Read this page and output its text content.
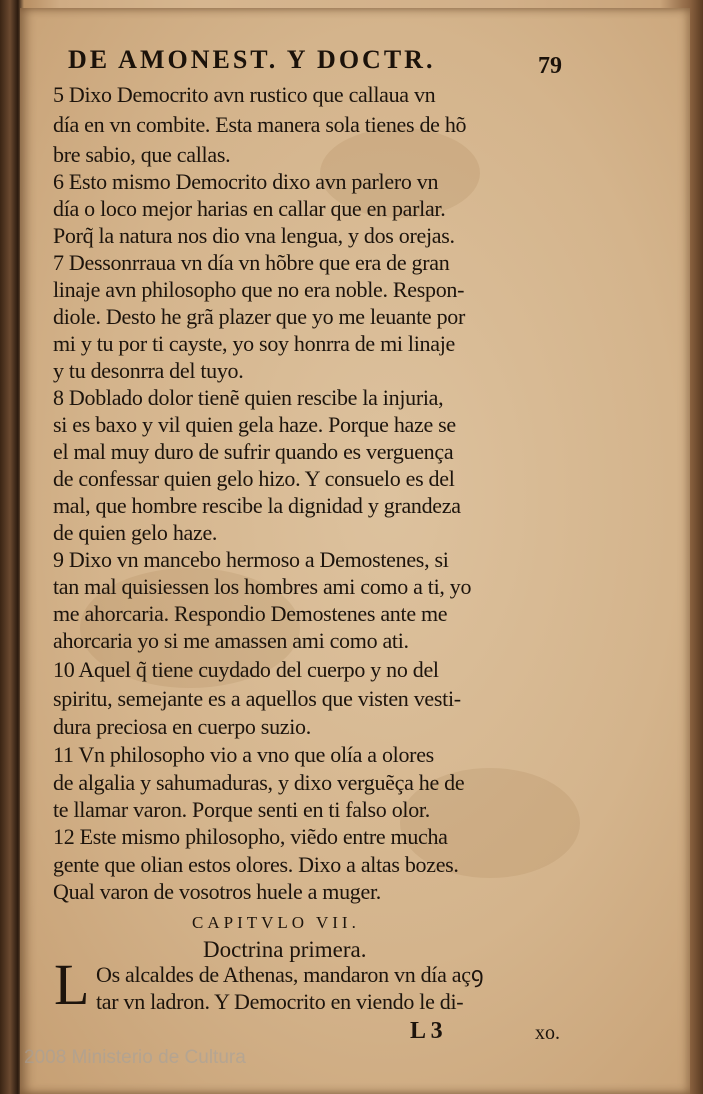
DE AMONEST. Y DOCTR.	79
5 Dixo Democrito avn rustico que callaua vn
día en vn combite. Esta manera sola tienes de hõ
bre sabio, que callas.
6 Esto mismo Democrito dixo avn parlero vn
día o loco mejor harias en callar que en parlar.
Porq̃ la natura nos dio vna lengua, y dos orejas.
7 Dessonrraua vn día vn hõbre que era de gran
linaje avn philosopho que no era noble. Respon-
diole. Desto he grã plazer que yo me leuante por
mi y tu por ti cayste, yo soy honrra de mi linaje
y tu desonrra del tuyo.
8 Doblado dolor tienẽ quien rescibe la injuria,
si es baxo y vil quien gela haze. Porque haze se
el mal muy duro de sufrir quando es verguença
de confessar quien gelo hizo. Y consuelo es del
mal, que hombre rescibe la dignidad y grandeza
de quien gelo haze.
9 Dixo vn mancebo hermoso a Demostenes, si
tan mal quisiessen los hombres ami como a ti, yo
me ahorcaria. Respondio Demostenes ante me
ahorcaria yo si me amassen ami como ati.
10 Aquel q̃ tiene cuydado del cuerpo y no del
spiritu, semejante es a aquellos que visten vesti-
dura preciosa en cuerpo suzio.
11 Vn philosopho vio a vno que olía a olores
de algalia y sahumaduras, y dixo verguẽça he de
te llamar varon. Porque senti en ti falso olor.
12 Este mismo philosopho, viẽdo entre mucha
gente que olian estos olores. Dixo a altas bozes.
Qual varon de vosotros huele a muger.
CAPITVLO VII.
Doctrina primera.
L Os alcaldes de Athenas, mandaron vn día açꝯ
tar vn ladron. Y Democrito en viendo le di-
L 3	xo.
2008 Ministerio de Cultura
